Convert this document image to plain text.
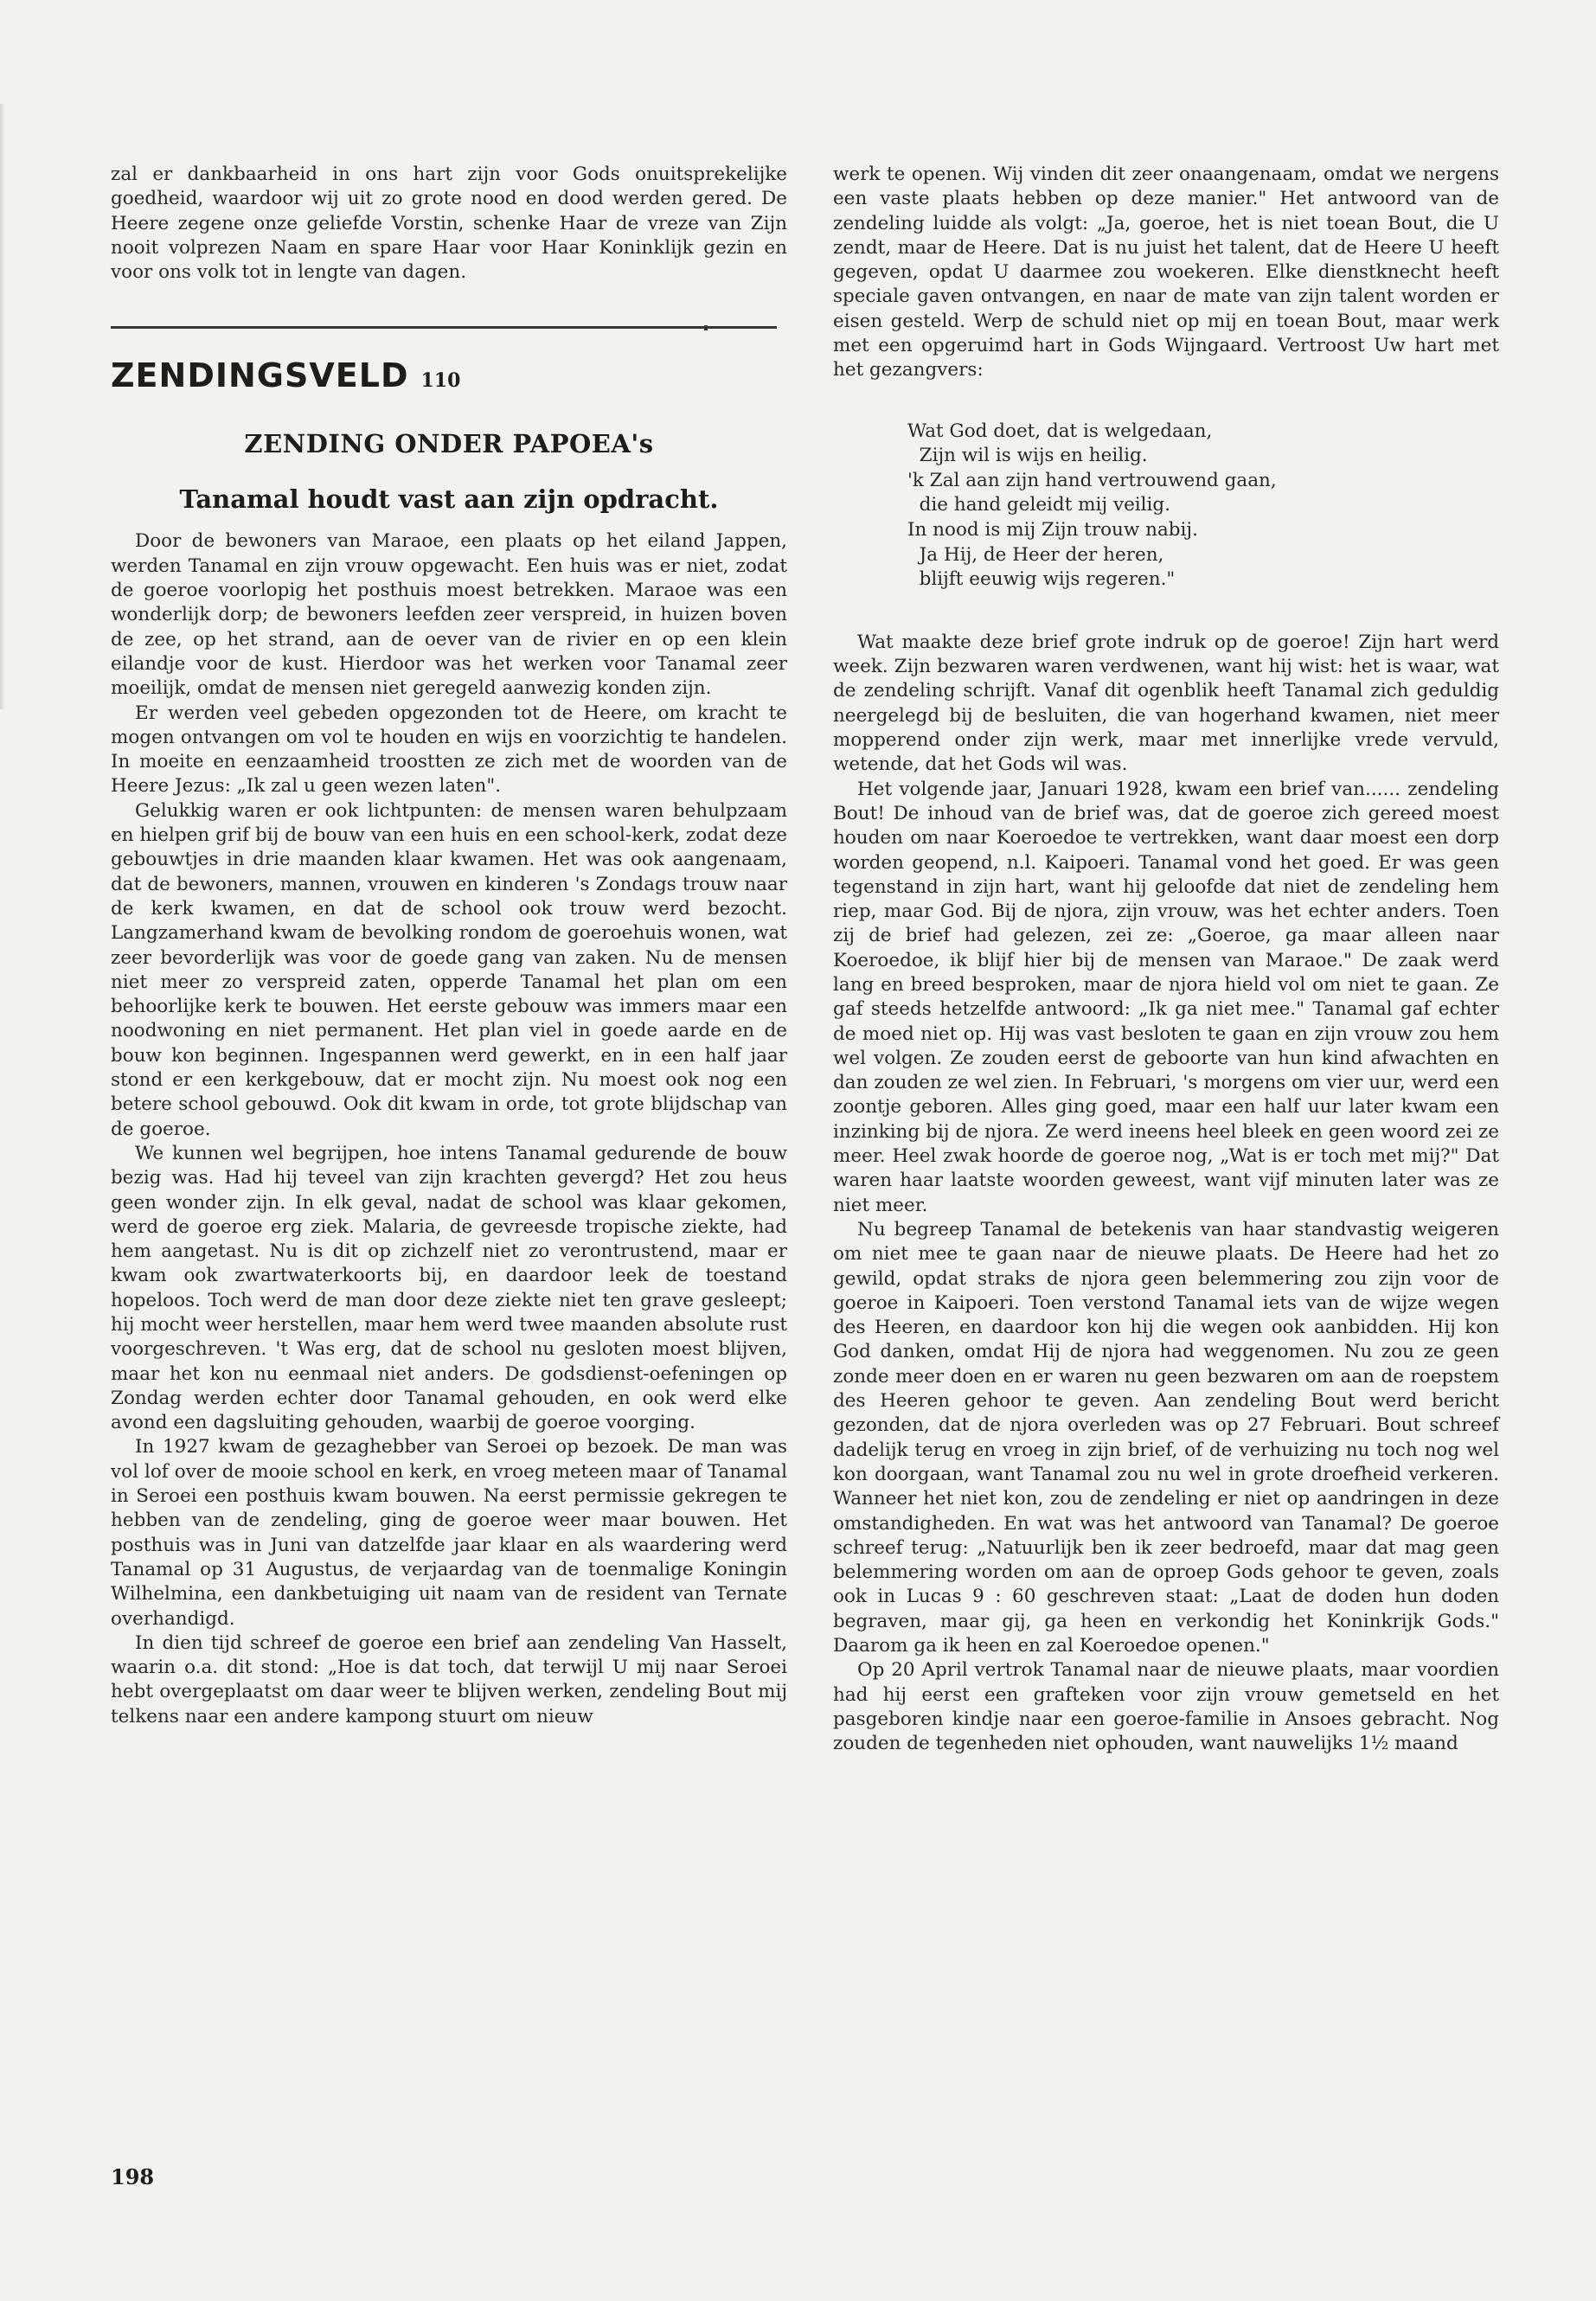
zal er dankbaarheid in ons hart zijn voor Gods onuitsprekelijke goedheid, waardoor wij uit zo grote nood en dood werden gered. De Heere zegene onze geliefde Vorstin, schenke Haar de vreze van Zijn nooit volprezen Naam en spare Haar voor Haar Koninklijk gezin en voor ons volk tot in lengte van dagen.

ZENDINGSVELD 110
ZENDING ONDER PAPOEA's
Tanamal houdt vast aan zijn opdracht.

Door de bewoners van Maraoe, een plaats op het eiland Jappen, werden Tanamal en zijn vrouw opgewacht. Een huis was er niet, zodat de goeroe voorlopig het posthuis moest betrekken. Maraoe was een wonderlijk dorp; de bewoners leefden zeer verspreid, in huizen boven de zee, op het strand, aan de oever van de rivier en op een klein eilandje voor de kust. Hierdoor was het werken voor Tanamal zeer moeilijk, omdat de mensen niet geregeld aanwezig konden zijn.

Er werden veel gebeden opgezonden tot de Heere, om kracht te mogen ontvangen om vol te houden en wijs en voorzichtig te handelen. In moeite en eenzaamheid troostten ze zich met de woorden van de Heere Jezus: „Ik zal u geen wezen laten".

Gelukkig waren er ook lichtpunten: de mensen waren behulpzaam en hielpen grif bij de bouw van een huis en een school-kerk, zodat deze gebouwtjes in drie maanden klaar kwamen. Het was ook aangenaam, dat de bewoners, mannen, vrouwen en kinderen 's Zondags trouw naar de kerk kwamen, en dat de school ook trouw werd bezocht. Langzamerhand kwam de bevolking rondom de goeroehuis wonen, wat zeer bevorderlijk was voor de goede gang van zaken. Nu de mensen niet meer zo verspreid zaten, opperde Tanamal het plan om een behoorlijke kerk te bouwen. Het eerste gebouw was immers maar een noodwoning en niet permanent. Het plan viel in goede aarde en de bouw kon beginnen. Ingespannen werd gewerkt, en in een half jaar stond er een kerkgebouw, dat er mocht zijn. Nu moest ook nog een betere school gebouwd. Ook dit kwam in orde, tot grote blijdschap van de goeroe.

We kunnen wel begrijpen, hoe intens Tanamal gedurende de bouw bezig was. Had hij teveel van zijn krachten gevergd? Het zou heus geen wonder zijn. In elk geval, nadat de school was klaar gekomen, werd de goeroe erg ziek. Malaria, de gevreesde tropische ziekte, had hem aangetast. Nu is dit op zichzelf niet zo verontrustend, maar er kwam ook zwartwaterkoorts bij, en daardoor leek de toestand hopeloos. Toch werd de man door deze ziekte niet ten grave gesleept; hij mocht weer herstellen, maar hem werd twee maanden absolute rust voorgeschreven. 't Was erg, dat de school nu gesloten moest blijven, maar het kon nu eenmaal niet anders. De godsdienst-oefeningen op Zondag werden echter door Tanamal gehouden, en ook werd elke avond een dagsluiting gehouden, waarbij de goeroe voorging.

In 1927 kwam de gezaghebber van Seroei op bezoek. De man was vol lof over de mooie school en kerk, en vroeg meteen maar of Tanamal in Seroei een posthuis kwam bouwen. Na eerst permissie gekregen te hebben van de zendeling, ging de goeroe weer maar bouwen. Het posthuis was in Juni van datzelfde jaar klaar en als waardering werd Tanamal op 31 Augustus, de verjaardag van de toenmalige Koningin Wilhelmina, een dankbetuiging uit naam van de resident van Ternate overhandigd.

In dien tijd schreef de goeroe een brief aan zendeling Van Hasselt, waarin o.a. dit stond: „Hoe is dat toch, dat terwijl U mij naar Seroei hebt overgeplaatst om daar weer te blijven werken, zendeling Bout mij telkens naar een andere kampong stuurt om nieuw

werk te openen. Wij vinden dit zeer onaangenaam, omdat we nergens een vaste plaats hebben op deze manier." Het antwoord van de zendeling luidde als volgt: „Ja, goeroe, het is niet toean Bout, die U zendt, maar de Heere. Dat is nu juist het talent, dat de Heere U heeft gegeven, opdat U daarmee zou woekeren. Elke dienstknecht heeft speciale gaven ontvangen, en naar de mate van zijn talent worden er eisen gesteld. Werp de schuld niet op mij en toean Bout, maar werk met een opgeruimd hart in Gods Wijngaard. Vertroost Uw hart met het gezangvers:

Wat God doet, dat is welgedaan,
Zijn wil is wijs en heilig.
'k Zal aan zijn hand vertrouwend gaan,
die hand geleidt mij veilig.
In nood is mij Zijn trouw nabij.
Ja Hij, de Heer der heren,
blijft eeuwig wijs regeren."

Wat maakte deze brief grote indruk op de goeroe! Zijn hart werd week. Zijn bezwaren waren verdwenen, want hij wist: het is waar, wat de zendeling schrijft. Vanaf dit ogenblik heeft Tanamal zich geduldig neergelegd bij de besluiten, die van hogerhand kwamen, niet meer mopperend onder zijn werk, maar met innerlijke vrede vervuld, wetende, dat het Gods wil was.

Het volgende jaar, Januari 1928, kwam een brief van...... zendeling Bout! De inhoud van de brief was, dat de goeroe zich gereed moest houden om naar Koeroedoe te vertrekken, want daar moest een dorp worden geopend, n.l. Kaipoeri. Tanamal vond het goed. Er was geen tegenstand in zijn hart, want hij geloofde dat niet de zendeling hem riep, maar God. Bij de njora, zijn vrouw, was het echter anders. Toen zij de brief had gelezen, zei ze: „Goeroe, ga maar alleen naar Koeroedoe, ik blijf hier bij de mensen van Maraoe." De zaak werd lang en breed besproken, maar de njora hield vol om niet te gaan. Ze gaf steeds hetzelfde antwoord: „Ik ga niet mee." Tanamal gaf echter de moed niet op. Hij was vast besloten te gaan en zijn vrouw zou hem wel volgen. Ze zouden eerst de geboorte van hun kind afwachten en dan zouden ze wel zien. In Februari, 's morgens om vier uur, werd een zoontje geboren. Alles ging goed, maar een half uur later kwam een inzinking bij de njora. Ze werd ineens heel bleek en geen woord zei ze meer. Heel zwak hoorde de goeroe nog, „Wat is er toch met mij?" Dat waren haar laatste woorden geweest, want vijf minuten later was ze niet meer.

Nu begreep Tanamal de betekenis van haar standvastig weigeren om niet mee te gaan naar de nieuwe plaats. De Heere had het zo gewild, opdat straks de njora geen belemmering zou zijn voor de goeroe in Kaipoeri. Toen verstond Tanamal iets van de wijze wegen des Heeren, en daardoor kon hij die wegen ook aanbidden. Hij kon God danken, omdat Hij de njora had weggenomen. Nu zou ze geen zonde meer doen en er waren nu geen bezwaren om aan de roepstem des Heeren gehoor te geven. Aan zendeling Bout werd bericht gezonden, dat de njora overleden was op 27 Februari. Bout schreef dadelijk terug en vroeg in zijn brief, of de verhuizing nu toch nog wel kon doorgaan, want Tanamal zou nu wel in grote droefheid verkeren. Wanneer het niet kon, zou de zendeling er niet op aandringen in deze omstandigheden. En wat was het antwoord van Tanamal? De goeroe schreef terug: „Natuurlijk ben ik zeer bedroefd, maar dat mag geen belemmering worden om aan de oproep Gods gehoor te geven, zoals ook in Lucas 9 : 60 geschreven staat: „Laat de doden hun doden begraven, maar gij, ga heen en verkondig het Koninkrijk Gods." Daarom ga ik heen en zal Koeroedoe openen."

Op 20 April vertrok Tanamal naar de nieuwe plaats, maar voordien had hij eerst een grafteken voor zijn vrouw gemetseld en het pasgeboren kindje naar een goeroe-familie in Ansoes gebracht. Nog zouden de tegenheden niet ophouden, want nauwelijks 1½ maand

198
